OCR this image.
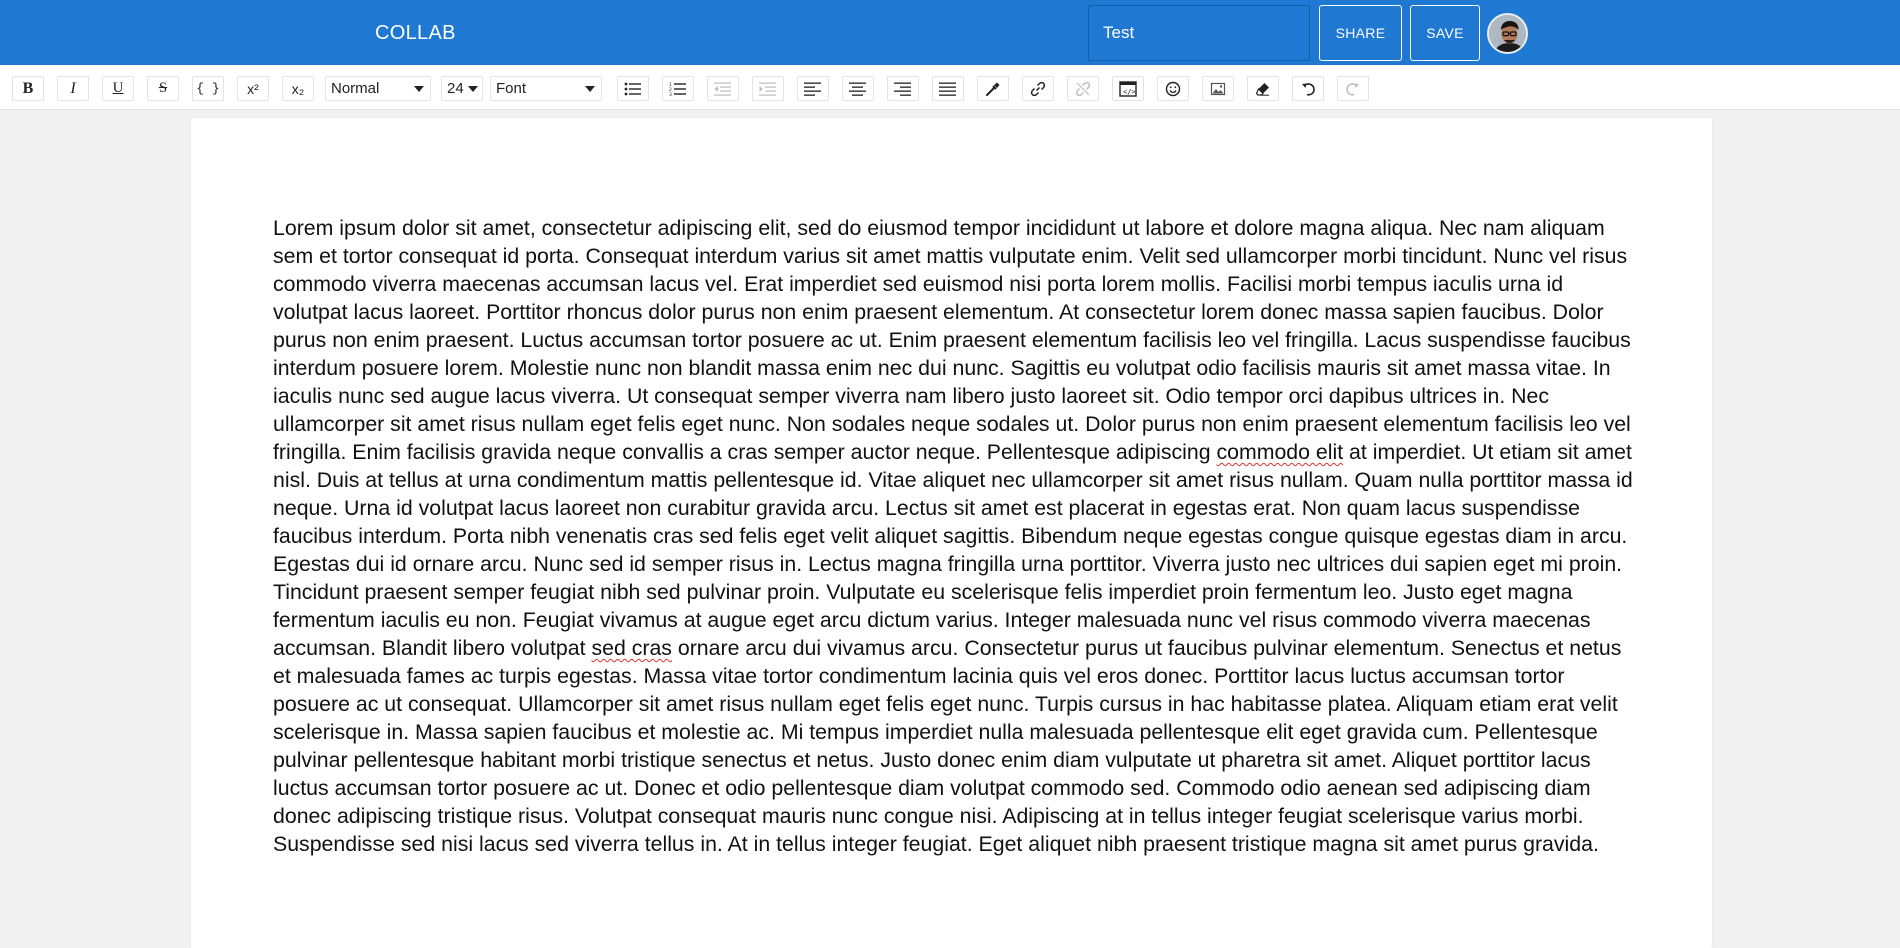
COLLAB
Test	SHARE	SAVE
B I U S { } x² x₂ Normal	24 Font	1
2
3	</>

Lorem ipsum dolor sit amet, consectetur adipiscing elit, sed do eiusmod tempor incididunt ut labore et dolore magna aliqua. Nec nam aliquam sem et tortor consequat id porta. Consequat interdum varius sit amet mattis vulputate enim. Velit sed ullamcorper morbi tincidunt. Nunc vel risus commodo viverra maecenas accumsan lacus vel. Erat imperdiet sed euismod nisi porta lorem mollis. Facilisi morbi tempus iaculis urna id volutpat lacus laoreet. Porttitor rhoncus dolor purus non enim praesent elementum. At consectetur lorem donec massa sapien faucibus. Dolor purus non enim praesent. Luctus accumsan tortor posuere ac ut. Enim praesent elementum facilisis leo vel fringilla. Lacus suspendisse faucibus interdum posuere lorem. Molestie nunc non blandit massa enim nec dui nunc. Sagittis eu volutpat odio facilisis mauris sit amet massa vitae. In iaculis nunc sed augue lacus viverra. Ut consequat semper viverra nam libero justo laoreet sit. Odio tempor orci dapibus ultrices in. Nec ullamcorper sit amet risus nullam eget felis eget nunc. Non sodales neque sodales ut. Dolor purus non enim praesent elementum facilisis leo vel fringilla. Enim facilisis gravida neque convallis a cras semper auctor neque. Pellentesque adipiscing commodo elit at imperdiet. Ut etiam sit amet nisl. Duis at tellus at urna condimentum mattis pellentesque id. Vitae aliquet nec ullamcorper sit amet risus nullam. Quam nulla porttitor massa id neque. Urna id volutpat lacus laoreet non curabitur gravida arcu. Lectus sit amet est placerat in egestas erat. Non quam lacus suspendisse faucibus interdum. Porta nibh venenatis cras sed felis eget velit aliquet sagittis. Bibendum neque egestas congue quisque egestas diam in arcu. Egestas dui id ornare arcu. Nunc sed id semper risus in. Lectus magna fringilla urna porttitor. Viverra justo nec ultrices dui sapien eget mi proin. Tincidunt praesent semper feugiat nibh sed pulvinar proin. Vulputate eu scelerisque felis imperdiet proin fermentum leo. Justo eget magna fermentum iaculis eu non. Feugiat vivamus at augue eget arcu dictum varius. Integer malesuada nunc vel risus commodo viverra maecenas accumsan. Blandit libero volutpat sed cras ornare arcu dui vivamus arcu. Consectetur purus ut faucibus pulvinar elementum. Senectus et netus et malesuada fames ac turpis egestas. Massa vitae tortor condimentum lacinia quis vel eros donec. Porttitor lacus luctus accumsan tortor posuere ac ut consequat. Ullamcorper sit amet risus nullam eget felis eget nunc. Turpis cursus in hac habitasse platea. Aliquam etiam erat velit scelerisque in. Massa sapien faucibus et molestie ac. Mi tempus imperdiet nulla malesuada pellentesque elit eget gravida cum. Pellentesque pulvinar pellentesque habitant morbi tristique senectus et netus. Justo donec enim diam vulputate ut pharetra sit amet. Aliquet porttitor lacus luctus accumsan tortor posuere ac ut. Donec et odio pellentesque diam volutpat commodo sed. Commodo odio aenean sed adipiscing diam donec adipiscing tristique risus. Volutpat consequat mauris nunc congue nisi. Adipiscing at in tellus integer feugiat scelerisque varius morbi. Suspendisse sed nisi lacus sed viverra tellus in. At in tellus integer feugiat. Eget aliquet nibh praesent tristique magna sit amet purus gravida.
